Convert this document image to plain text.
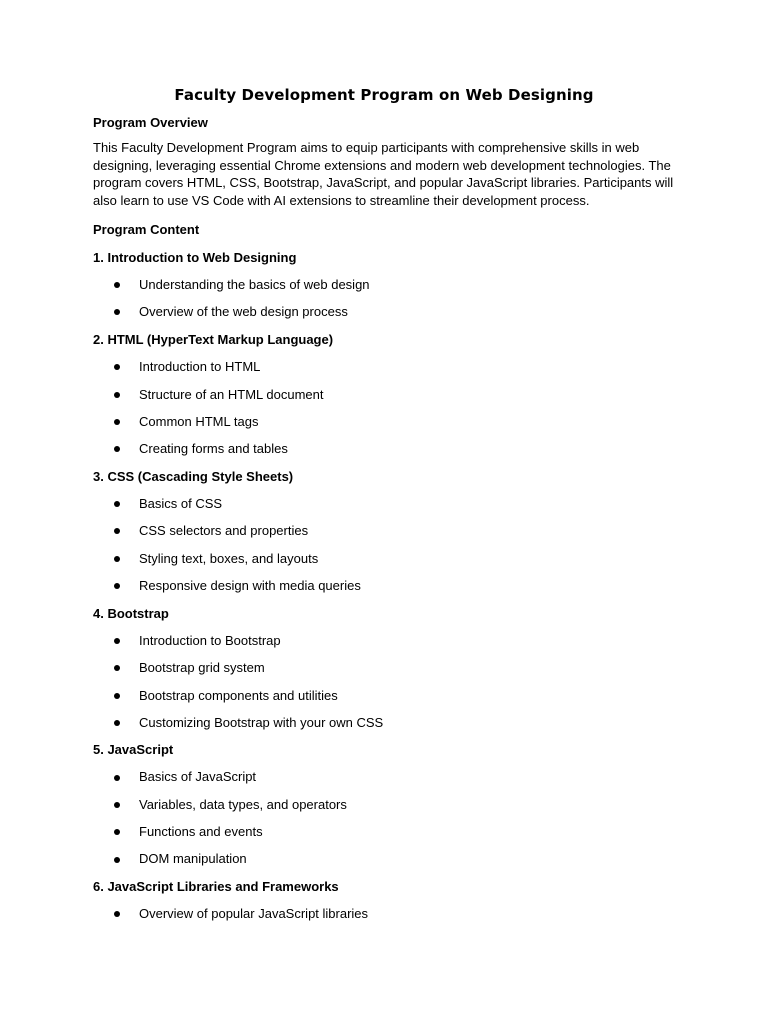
Faculty Development Program on Web Designing
Program Overview
This Faculty Development Program aims to equip participants with comprehensive skills in web
designing, leveraging essential Chrome extensions and modern web development technologies. The
program covers HTML, CSS, Bootstrap, JavaScript, and popular JavaScript libraries. Participants will
also learn to use VS Code with AI extensions to streamline their development process.
Program Content
1. Introduction to Web Designing
Understanding the basics of web design
Overview of the web design process
2. HTML (HyperText Markup Language)
Introduction to HTML
Structure of an HTML document
Common HTML tags
Creating forms and tables
3. CSS (Cascading Style Sheets)
Basics of CSS
CSS selectors and properties
Styling text, boxes, and layouts
Responsive design with media queries
4. Bootstrap
Introduction to Bootstrap
Bootstrap grid system
Bootstrap components and utilities
Customizing Bootstrap with your own CSS
5. JavaScript
Basics of JavaScript
Variables, data types, and operators
Functions and events
DOM manipulation
6. JavaScript Libraries and Frameworks
Overview of popular JavaScript libraries
